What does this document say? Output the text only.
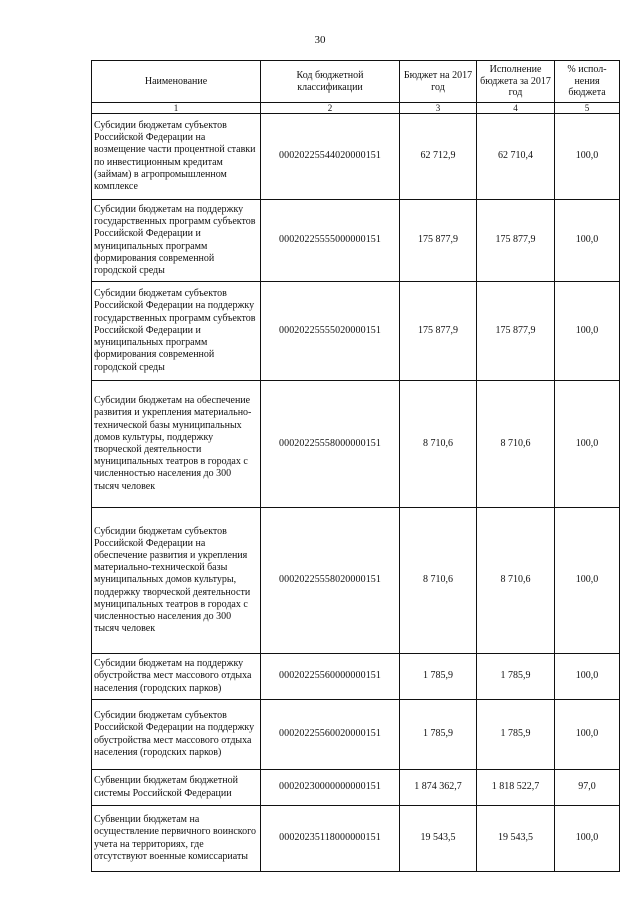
30
Наименование	Код бюджетной классификации	Бюджет на 2017 год	Исполнение бюджета за 2017 год	% испол-нения бюджета
1	2	3	4	5
Субсидии бюджетам субъектов Российской Федерации на возмещение части процентной ставки по инвестиционным кредитам (займам) в агропромышленном комплексе	00020225544020000151	62 712,9	62 710,4	100,0
Субсидии бюджетам на поддержку государственных программ субъектов Российской Федерации и муниципальных программ формирования современной городской среды	00020225555000000151	175 877,9	175 877,9	100,0
Субсидии бюджетам субъектов Российской Федерации на поддержку государственных программ субъектов Российской Федерации и муниципальных программ формирования современной городской среды	00020225555020000151	175 877,9	175 877,9	100,0
Субсидии бюджетам на обеспечение развития и укрепления материально-технической базы муниципальных домов культуры, поддержку творческой деятельности муниципальных театров в городах с численностью населения до 300 тысяч человек	00020225558000000151	8 710,6	8 710,6	100,0
Субсидии бюджетам субъектов Российской Федерации на обеспечение развития и укрепления материально-технической базы муниципальных домов культуры, поддержку творческой деятельности муниципальных театров в городах с численностью населения до 300 тысяч человек	00020225558020000151	8 710,6	8 710,6	100,0
Субсидии бюджетам на поддержку обустройства мест массового отдыха населения (городских парков)	00020225560000000151	1 785,9	1 785,9	100,0
Субсидии бюджетам субъектов Российской Федерации на поддержку обустройства мест массового отдыха населения (городских парков)	00020225560020000151	1 785,9	1 785,9	100,0
Субвенции бюджетам бюджетной системы Российской Федерации	00020230000000000151	1 874 362,7	1 818 522,7	97,0
Субвенции бюджетам на осуществление первичного воинского учета на территориях, где отсутствуют военные комиссариаты	00020235118000000151	19 543,5	19 543,5	100,0
